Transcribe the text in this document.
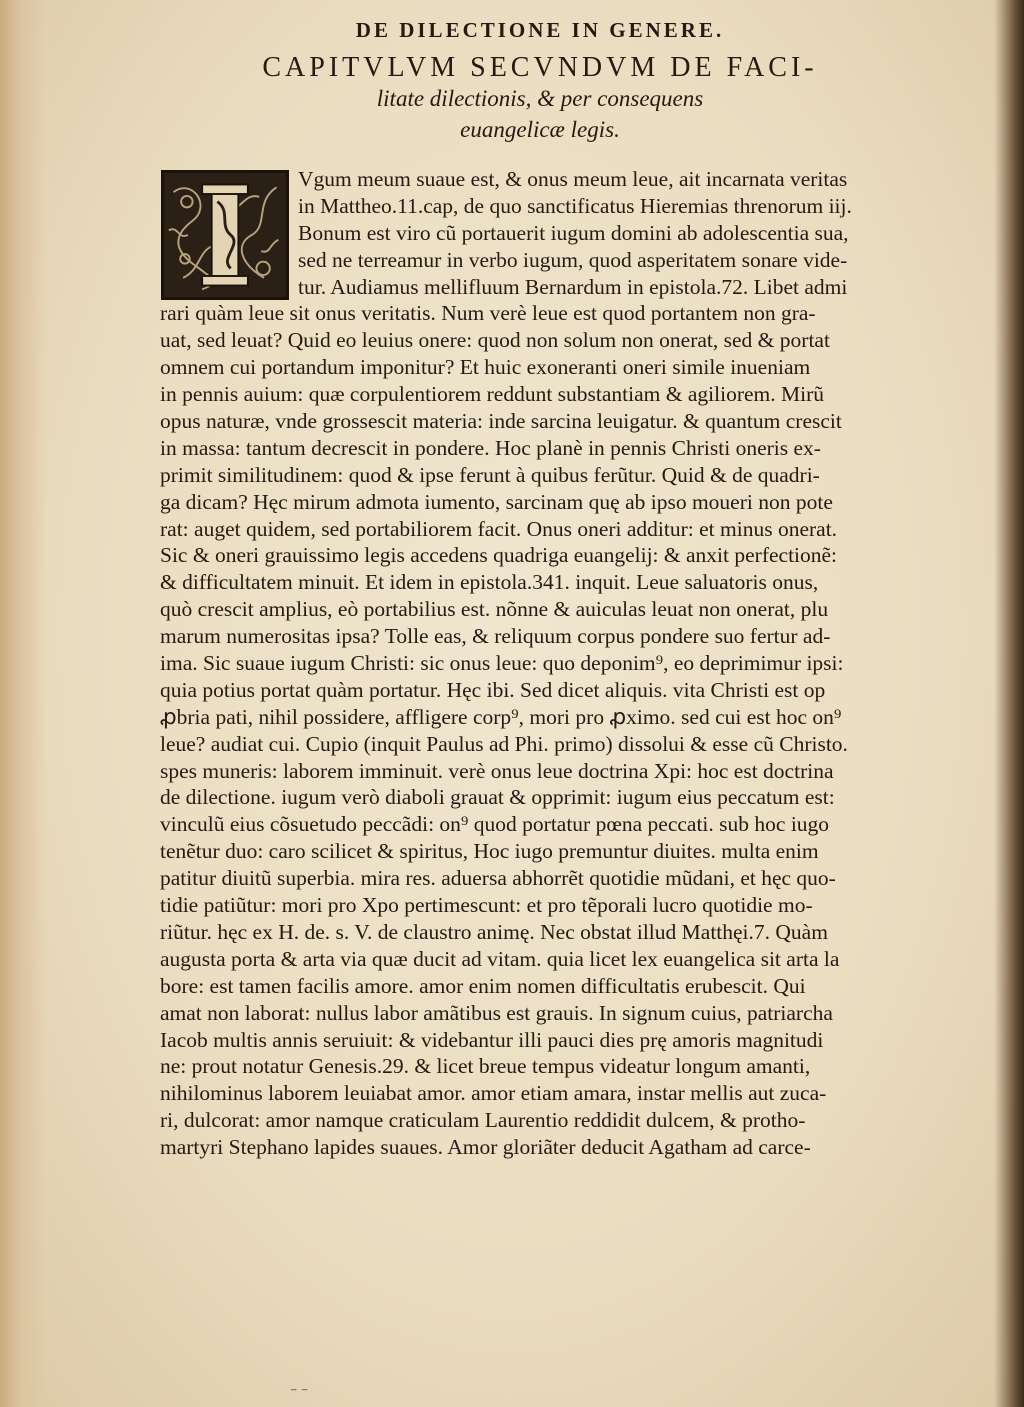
DE DILECTIONE IN GENERE.
CAPITVLVM SECVNDVM DE FACI-
litate dilectionis, & per consequens
euangelicæ legis.
Vgum meum suaue est, & onus meum leue, ait incarnata veritas
in Mattheo.11.cap, de quo sanctificatus Hieremias threnorum iij.
Bonum est viro cũ portauerit iugum domini ab adolescentia sua,
sed ne terreamur in verbo iugum, quod asperitatem sonare vide-
tur. Audiamus mellifluum Bernardum in epistola.72. Libet admi
rari quàm leue sit onus veritatis. Num verè leue est quod portantem non gra-
uat, sed leuat? Quid eo leuius onere: quod non solum non onerat, sed & portat
omnem cui portandum imponitur? Et huic exoneranti oneri simile inueniam
in pennis auium: quæ corpulentiorem reddunt substantiam & agiliorem. Mirũ
opus naturæ, vnde grossescit materia: inde sarcina leuigatur. & quantum crescit
in massa: tantum decrescit in pondere. Hoc planè in pennis Christi oneris ex-
primit similitudinem: quod & ipse ferunt à quibus ferũtur. Quid & de quadri-
ga dicam? Hęc mirum admota iumento, sarcinam quę ab ipso moueri non pote
rat: auget quidem, sed portabiliorem facit. Onus oneri additur: et minus onerat.
Sic & oneri grauissimo legis accedens quadriga euangelij: & anxit perfectionẽ:
& difficultatem minuit. Et idem in epistola.341. inquit. Leue saluatoris onus,
quò crescit amplius, eò portabilius est. nõnne & auiculas leuat non onerat, plu
marum numerositas ipsa? Tolle eas, & reliquum corpus pondere suo fertur ad-
ima. Sic suaue iugum Christi: sic onus leue: quo deponim⁹, eo deprimimur ipsi:
quia potius portat quàm portatur. Hęc ibi. Sed dicet aliquis. vita Christi est op
ꝓbria pati, nihil possidere, affligere corp⁹, mori pro ꝓximo. sed cui est hoc on⁹
leue? audiat cui. Cupio (inquit Paulus ad Phi. primo) dissolui & esse cũ Christo.
spes muneris: laborem imminuit. verè onus leue doctrina Xpi: hoc est doctrina
de dilectione. iugum verò diaboli grauat & opprimit: iugum eius peccatum est:
vinculũ eius cõsuetudo peccãdi: on⁹ quod portatur pœna peccati. sub hoc iugo
tenẽtur duo: caro scilicet & spiritus, Hoc iugo premuntur diuites. multa enim
patitur diuitũ superbia. mira res. aduersa abhorrẽt quotidie mũdani, et hęc quo-
tidie patiũtur: mori pro Xpo pertimescunt: et pro tẽporali lucro quotidie mo-
riũtur. hęc ex H. de. s. V. de claustro animę. Nec obstat illud Matthęi.7. Quàm
augusta porta & arta via quæ ducit ad vitam. quia licet lex euangelica sit arta la
bore: est tamen facilis amore. amor enim nomen difficultatis erubescit. Qui
amat non laborat: nullus labor amãtibus est grauis. In signum cuius, patriarcha
Iacob multis annis seruiuit: & videbantur illi pauci dies prę amoris magnitudi
ne: prout notatur Genesis.29. & licet breue tempus videatur longum amanti,
nihilominus laborem leuiabat amor. amor etiam amara, instar mellis aut zuca-
ri, dulcorat: amor namque craticulam Laurentio reddidit dulcem, & protho-
martyri Stephano lapides suaues. Amor gloriãter deducit Agatham ad carce-
⁻ ⁻
